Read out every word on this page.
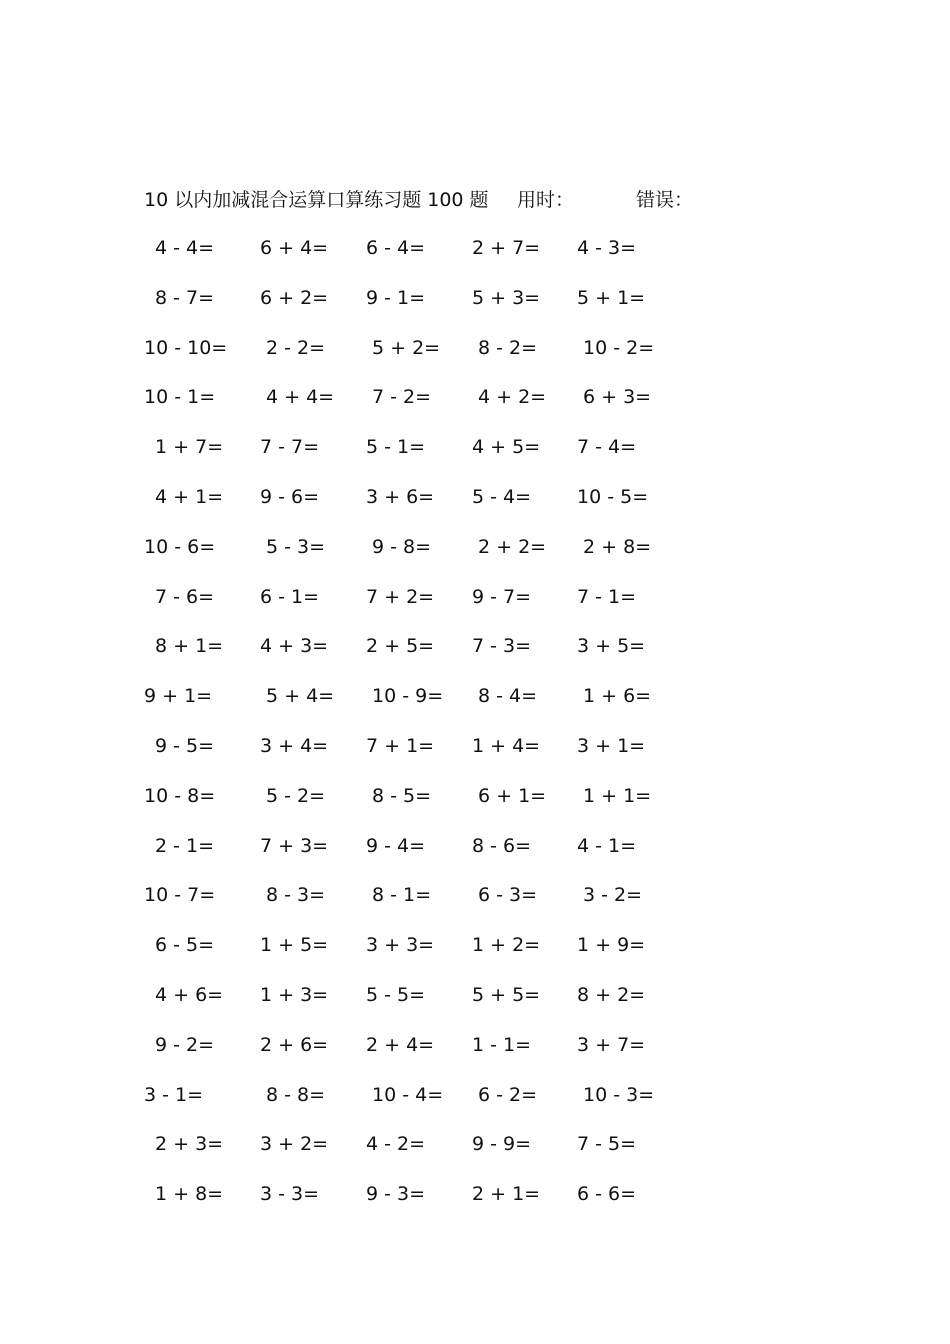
10 以内加减混合运算口算练习题 100 题 用时：	错误：
4 - 4= 6 + 4= 6 - 4= 2 + 7= 4 - 3=
8 - 7= 6 + 2= 9 - 1= 5 + 3= 5 + 1=
10 - 10= 2 - 2= 5 + 2= 8 - 2= 10 - 2=
10 - 1=	4 + 4= 7 - 2= 4 + 2= 6 + 3=
1 + 7= 7 - 7= 5 - 1= 4 + 5= 7 - 4=
4 + 1= 9 - 6= 3 + 6= 5 - 4= 10 - 5=
10 - 6=	5 - 3= 9 - 8= 2 + 2= 2 + 8=
7 - 6= 6 - 1= 7 + 2= 9 - 7= 7 - 1=
8 + 1= 4 + 3= 2 + 5= 7 - 3= 3 + 5=
9 + 1=	5 + 4= 10 - 9= 8 - 4= 1 + 6=
9 - 5= 3 + 4= 7 + 1= 1 + 4= 3 + 1=
10 - 8=	5 - 2= 8 - 5= 6 + 1= 1 + 1=
2 - 1= 7 + 3= 9 - 4= 8 - 6= 4 - 1=
10 - 7=	8 - 3= 8 - 1= 6 - 3= 3 - 2=
6 - 5= 1 + 5= 3 + 3= 1 + 2= 1 + 9=
4 + 6= 1 + 3= 5 - 5= 5 + 5= 8 + 2=
9 - 2= 2 + 6= 2 + 4= 1 - 1= 3 + 7=
3 - 1=	8 - 8= 10 - 4= 6 - 2= 10 - 3=
2 + 3= 3 + 2= 4 - 2= 9 - 9= 7 - 5=
1 + 8= 3 - 3= 9 - 3= 2 + 1= 6 - 6=
